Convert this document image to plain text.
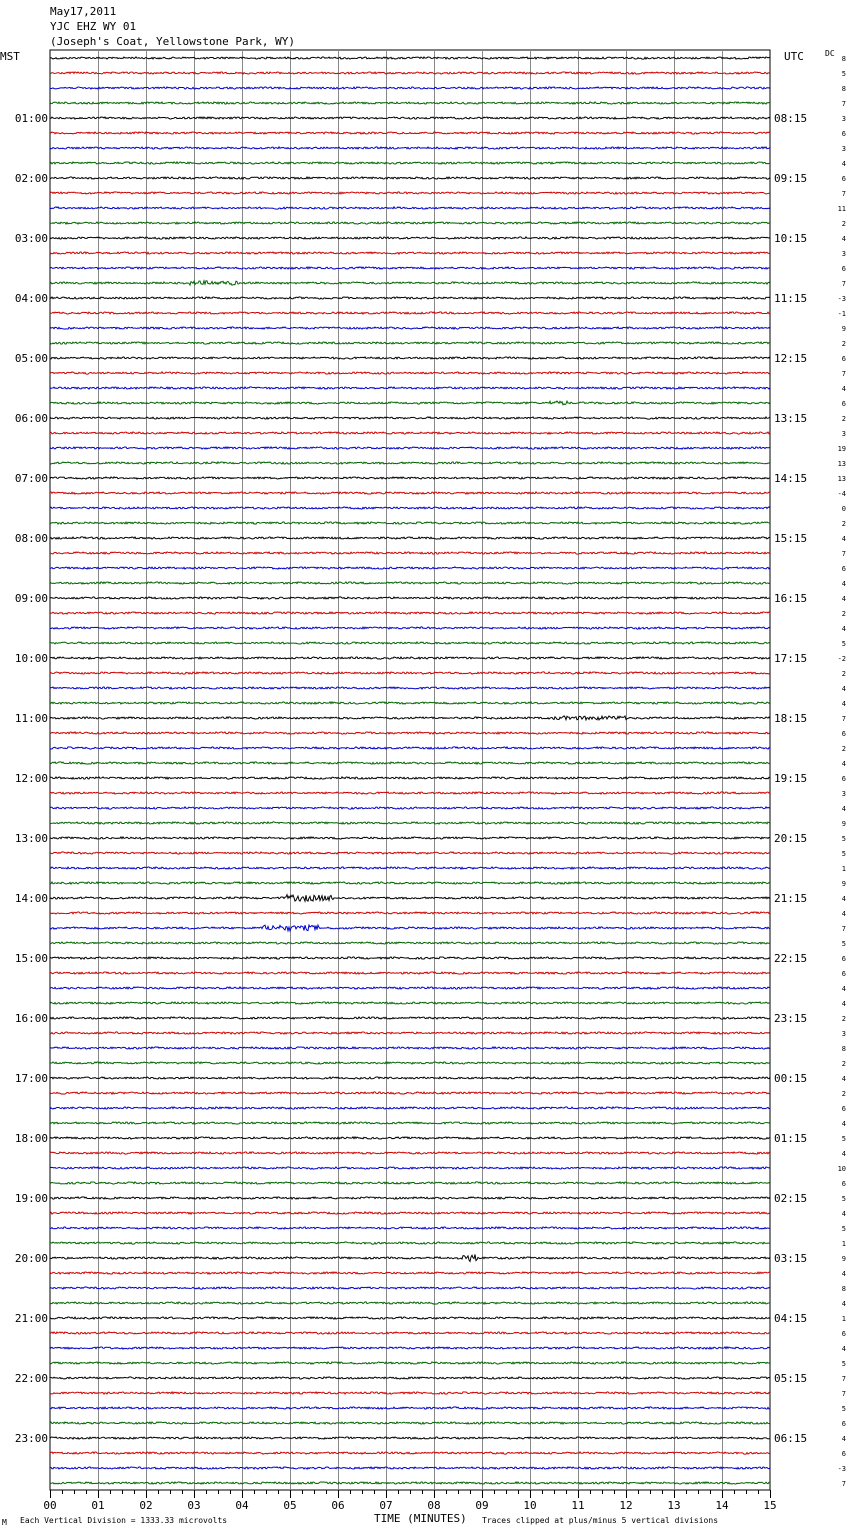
May17,2011
YJC EHZ WY 01
(Joseph's Coat, Yellowstone Park, WY)
MST	UTC	DC
00	01	02	03	04	05	06	07	08	09	10	11	12	13	14	15
8
5
8
7
3
6
3
4
6
7
11
2
4
3
6
7
-3
-1
9
2
6
7
4
6
2
3
19
13
13
-4
0
2
4
7
6
4
4
2
4
5
-2
2
4
4
7
6
2
4
6
3
4
9
5
5
1
9
4
4
7
5
6
6
4
4
2
3
8
2
4
2
6
4
5
4
10
6
5
4
5
1
9
4
8
4
1
6
4
5
7
7
5
6
4
6
-3
7
01:00
02:00
03:00
04:00
05:00
06:00
07:00
08:00
09:00
10:00
11:00
12:00
13:00
14:00
15:00
16:00
17:00
18:00
19:00
20:00
21:00
22:00
23:00
08:15
09:15
10:15
11:15
12:15
13:15
14:15
15:15
16:15
17:15
18:15
19:15
20:15
21:15
22:15
23:15
00:15
01:15
02:15
03:15
04:15
05:15
06:15
M Each Vertical Division = 1333.33 microvolts	TIME (MINUTES) Traces clipped at plus/minus 5 vertical divisions
